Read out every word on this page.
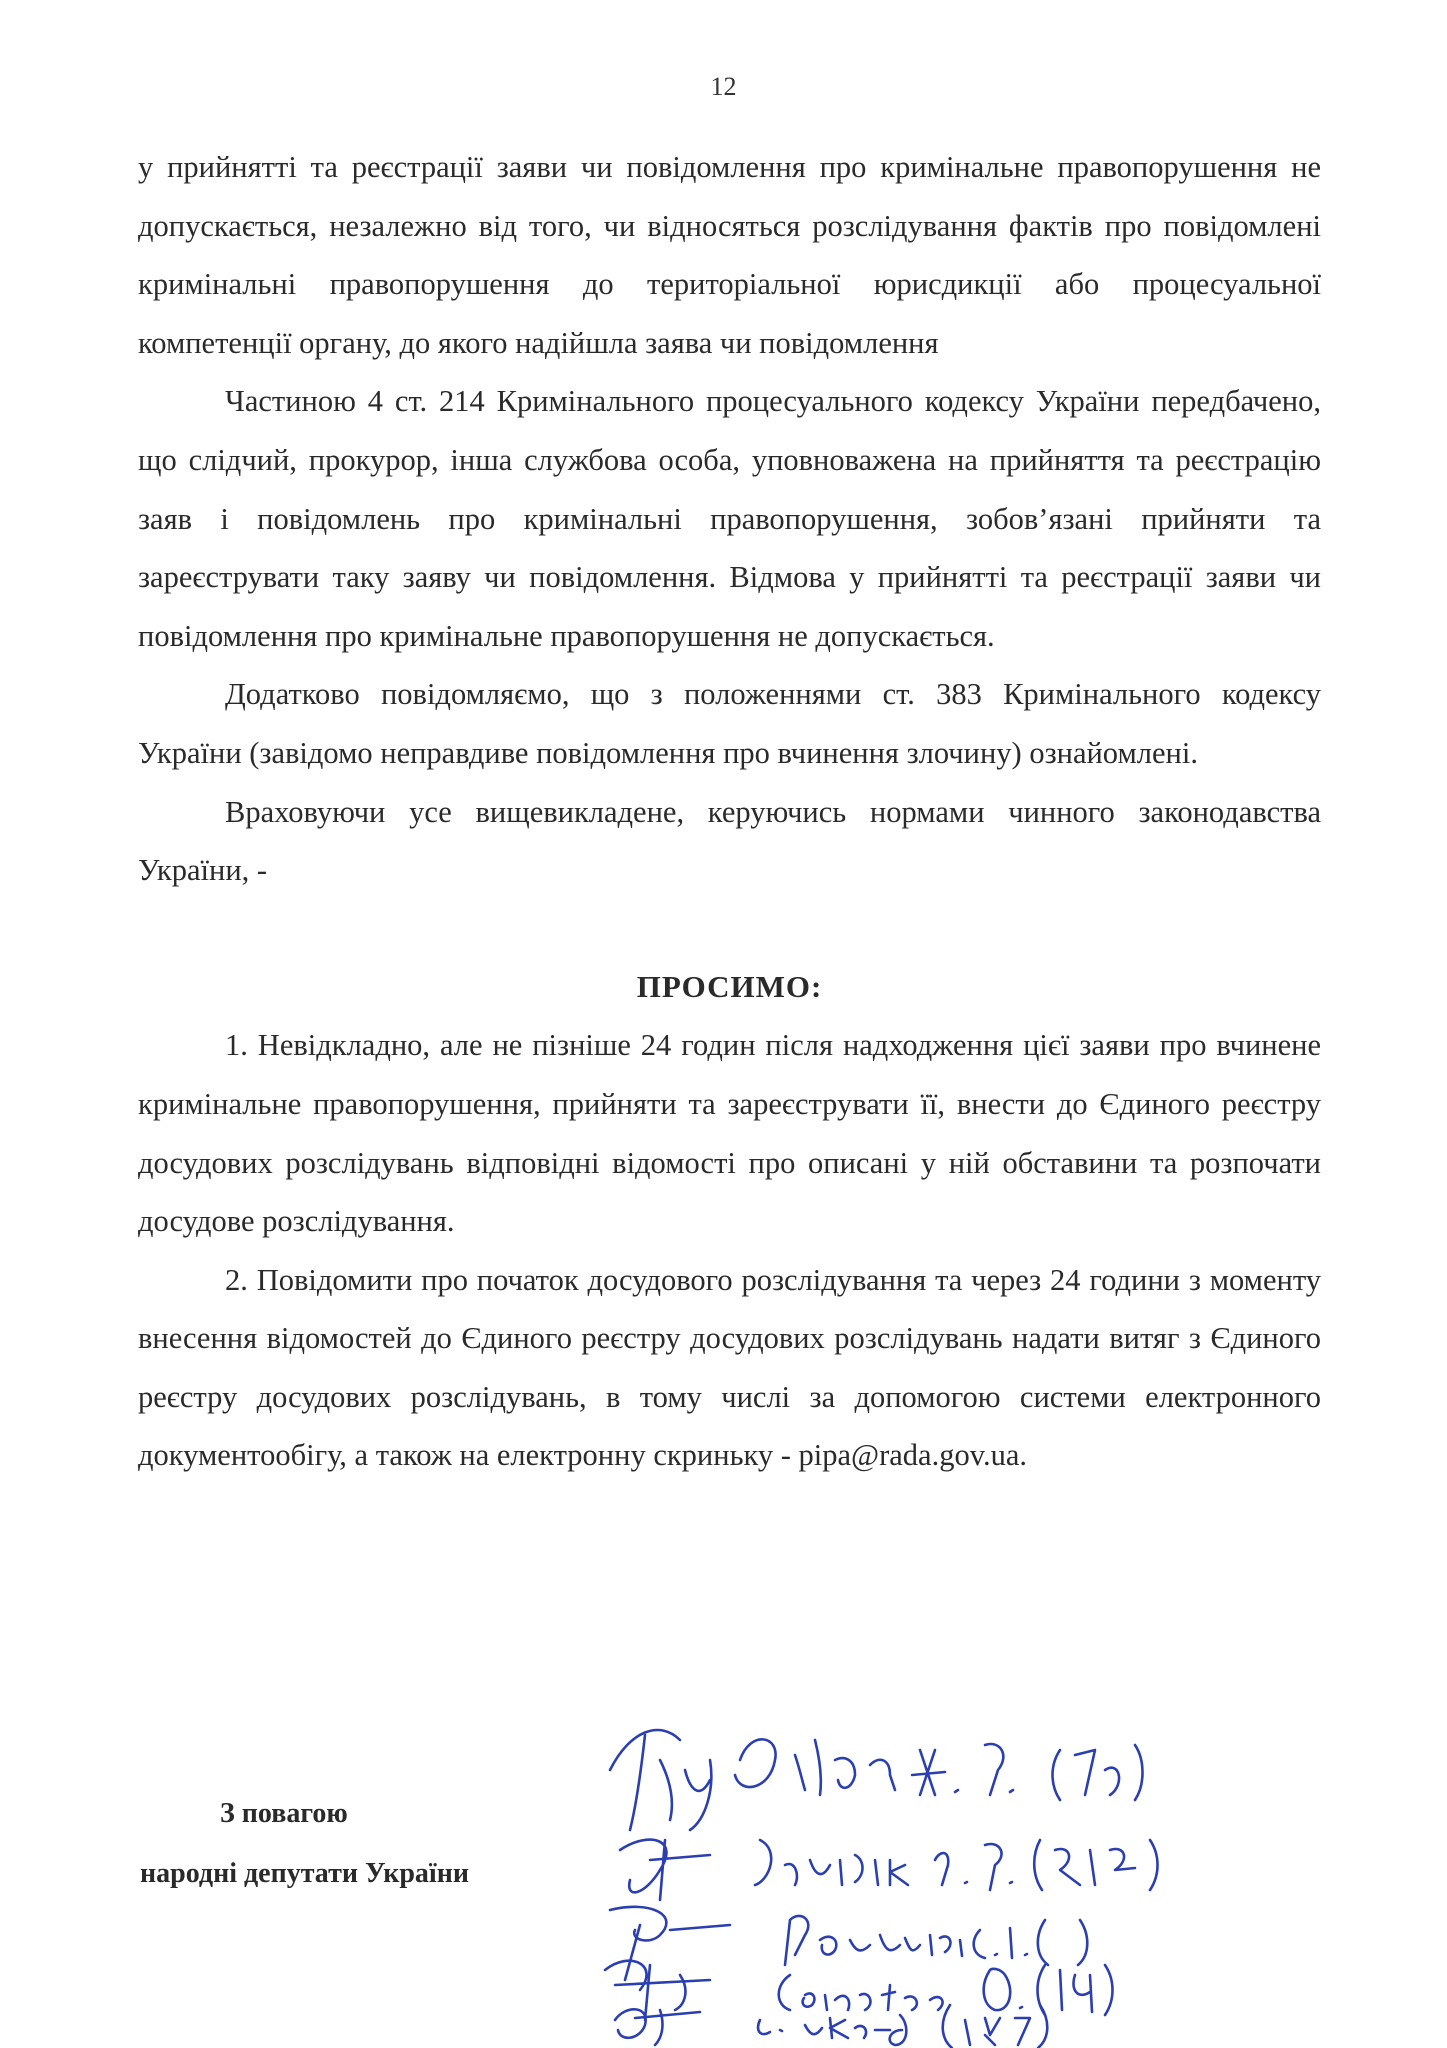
12

у прийнятті та реєстрації заяви чи повідомлення про кримінальне правопорушення не допускається, незалежно від того, чи відносяться розслідування фактів про повідомлені кримінальні правопорушення до територіальної юрисдикції або процесуальної компетенції органу, до якого надійшла заява чи повідомлення

Частиною 4 ст. 214 Кримінального процесуального кодексу України передбачено, що слідчий, прокурор, інша службова особа, уповноважена на прийняття та реєстрацію заяв і повідомлень про кримінальні правопорушення, зобов’язані прийняти та зареєструвати таку заяву чи повідомлення. Відмова у прийнятті та реєстрації заяви чи повідомлення про кримінальне правопорушення не допускається.

Додатково повідомляємо, що з положеннями ст. 383 Кримінального кодексу України (завідомо неправдиве повідомлення про вчинення злочину) ознайомлені.

Враховуючи усе вищевикладене, керуючись нормами чинного законодавства України, -

ПРОСИМО:

1. Невідкладно, але не пізніше 24 годин після надходження цієї заяви про вчинене кримінальне правопорушення, прийняти та зареєструвати її, внести до Єдиного реєстру досудових розслідувань відповідні відомості про описані у ній обставини та розпочати досудове розслідування.

2. Повідомити про початок досудового розслідування та через 24 години з моменту внесення відомостей до Єдиного реєстру досудових розслідувань надати витяг з Єдиного реєстру досудових розслідувань, в тому числі за допомогою системи електронного документообігу, а також на електронну скриньку - pipa@rada.gov.ua.

З повагою
народні депутати України
